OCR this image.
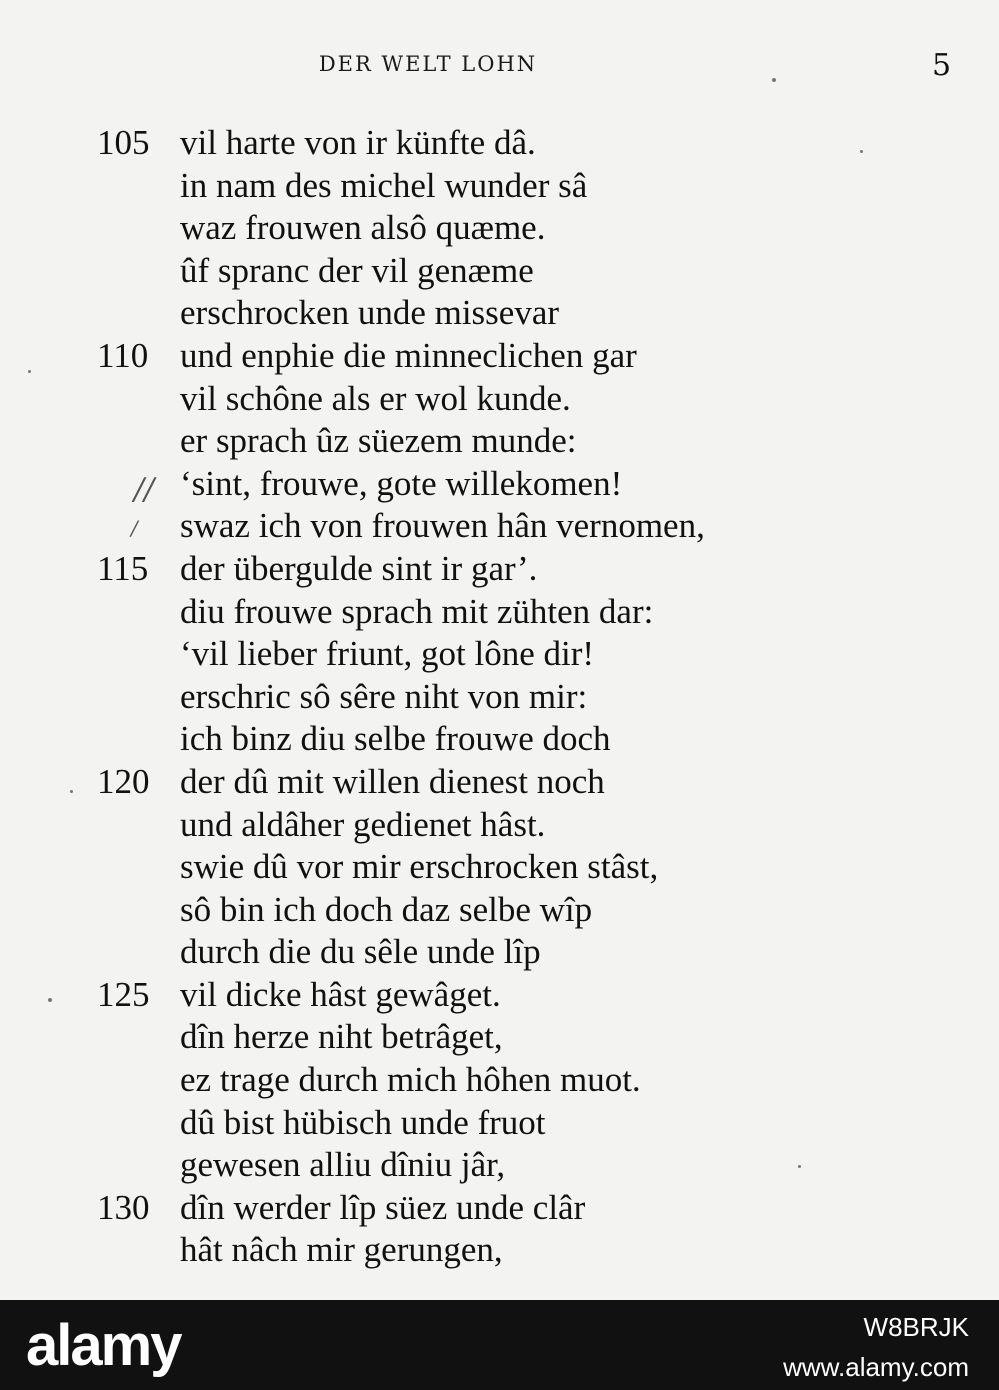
DER WELT LOHN	5
105 vil harte von ir künfte dâ.
in nam des michel wunder sâ
waz frouwen alsô quæme.
ûf spranc der vil genæme
erschrocken unde missevar
110 und enphie die minneclichen gar
vil schône als er wol kunde.
er sprach ûz süezem munde:
‘sint, frouwe, gote willekomen!
swaz ich von frouwen hân vernomen,
115 der übergulde sint ir gar’.
diu frouwe sprach mit zühten dar:
‘vil lieber friunt, got lône dir!
erschric sô sêre niht von mir:
ich binz diu selbe frouwe doch
120 der dû mit willen dienest noch
und aldâher gedienet hâst.
swie dû vor mir erschrocken stâst,
sô bin ich doch daz selbe wîp
durch die du sêle unde lîp
125 vil dicke hâst gewâget.
dîn herze niht betrâget,
ez trage durch mich hôhen muot.
dû bist hübisch unde fruot
gewesen alliu dîniu jâr,
130 dîn werder lîp süez unde clâr
hât nâch mir gerungen,
//
/
alamy	W8BRJK
www.alamy.com
